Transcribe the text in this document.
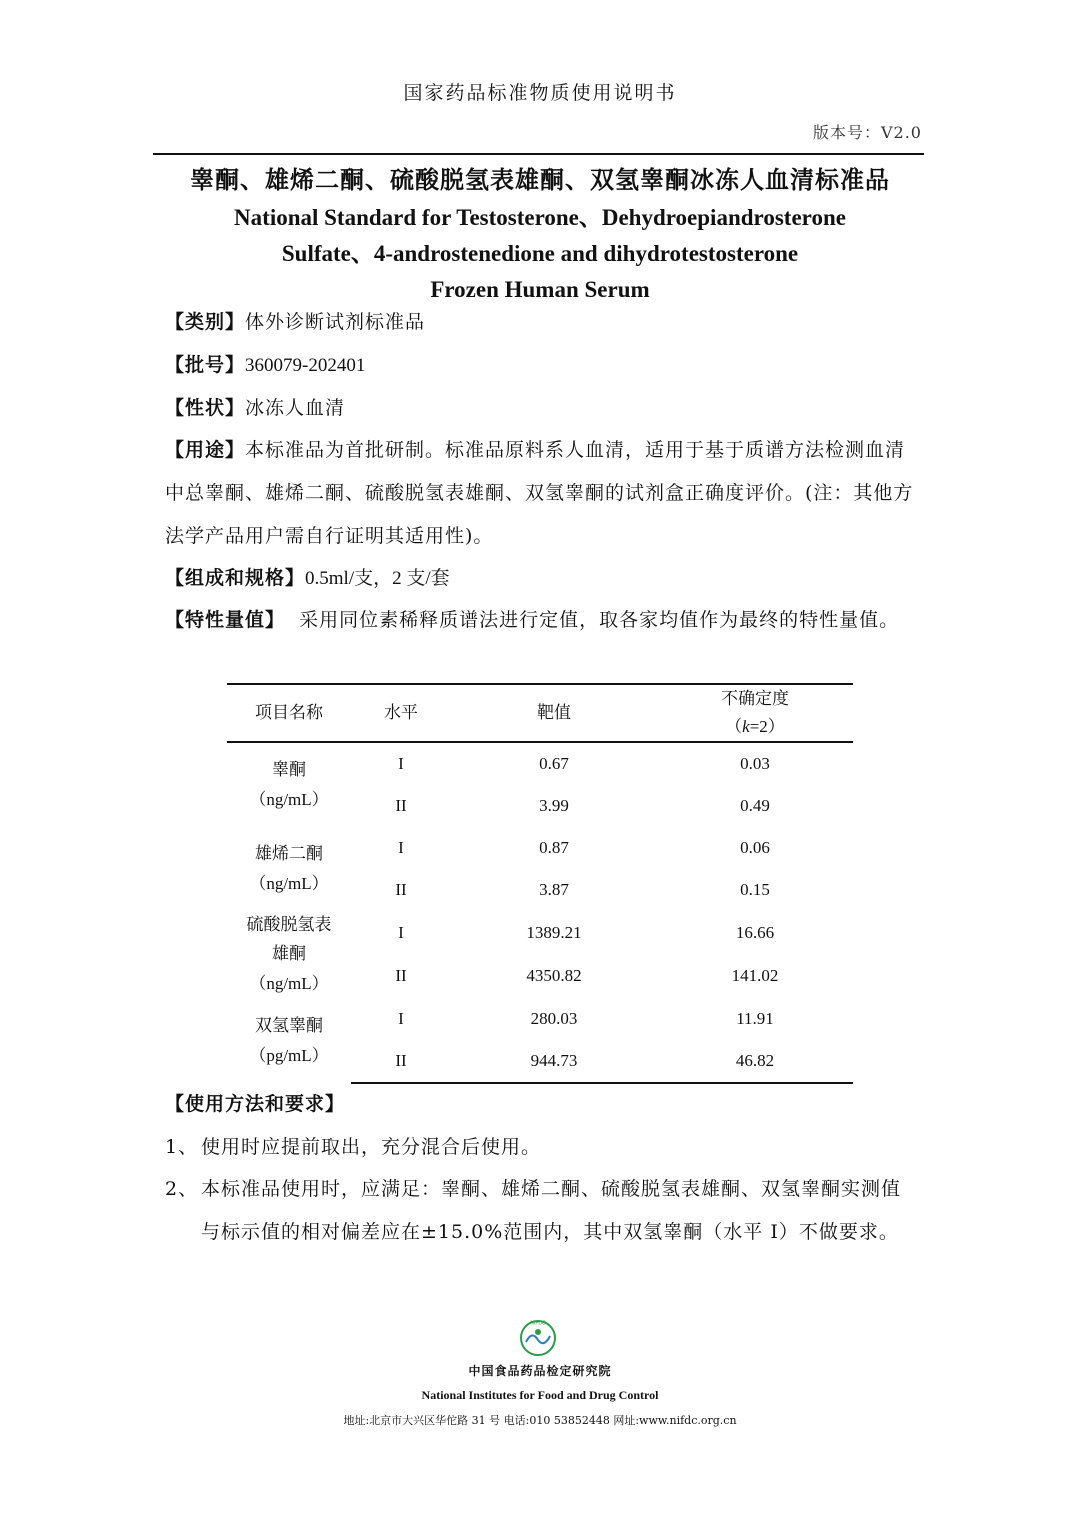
国家药品标准物质使用说明书
版本号：V2.0
睾酮、雄烯二酮、硫酸脱氢表雄酮、双氢睾酮冰冻人血清标准品
National Standard for Testosterone、Dehydroepiandrosterone
Sulfate、4-androstenedione and dihydrotestosterone
Frozen Human Serum
【类别】体外诊断试剂标准品
【批号】360079-202401
【性状】冰冻人血清
【用途】本标准品为首批研制。标准品原料系人血清，适用于基于质谱方法检测血清中总睾酮、雄烯二酮、硫酸脱氢表雄酮、双氢睾酮的试剂盒正确度评价。(注：其他方法学产品用户需自行证明其适用性)。
【组成和规格】0.5ml/支，2 支/套
【特性量值】 采用同位素稀释质谱法进行定值，取各家均值作为最终的特性量值。
项目名称	水平	靶值	不确定度
（k=2）

睾酮
（ng/mL）	I	0.67	0.03
	II	3.99	0.49

雄烯二酮
（ng/mL）	I	0.87	0.06
	II	3.87	0.15

硫酸脱氢表
雄酮
（ng/mL）	I	1389.21	16.66
	II	4350.82	141.02

双氢睾酮
（pg/mL）	I	280.03	11.91
	II	944.73	46.82
【使用方法和要求】
1、 使用时应提前取出，充分混合后使用。
2、 本标准品使用时，应满足：睾酮、雄烯二酮、硫酸脱氢表雄酮、双氢睾酮实测值与标示值的相对偏差应在±15.0%范围内，其中双氢睾酮（水平 I）不做要求。
NIFDC
中国食品药品检定研究院
National Institutes for Food and Drug Control
地址:北京市大兴区华佗路 31 号 电话:010 53852448 网址:www.nifdc.org.cn
